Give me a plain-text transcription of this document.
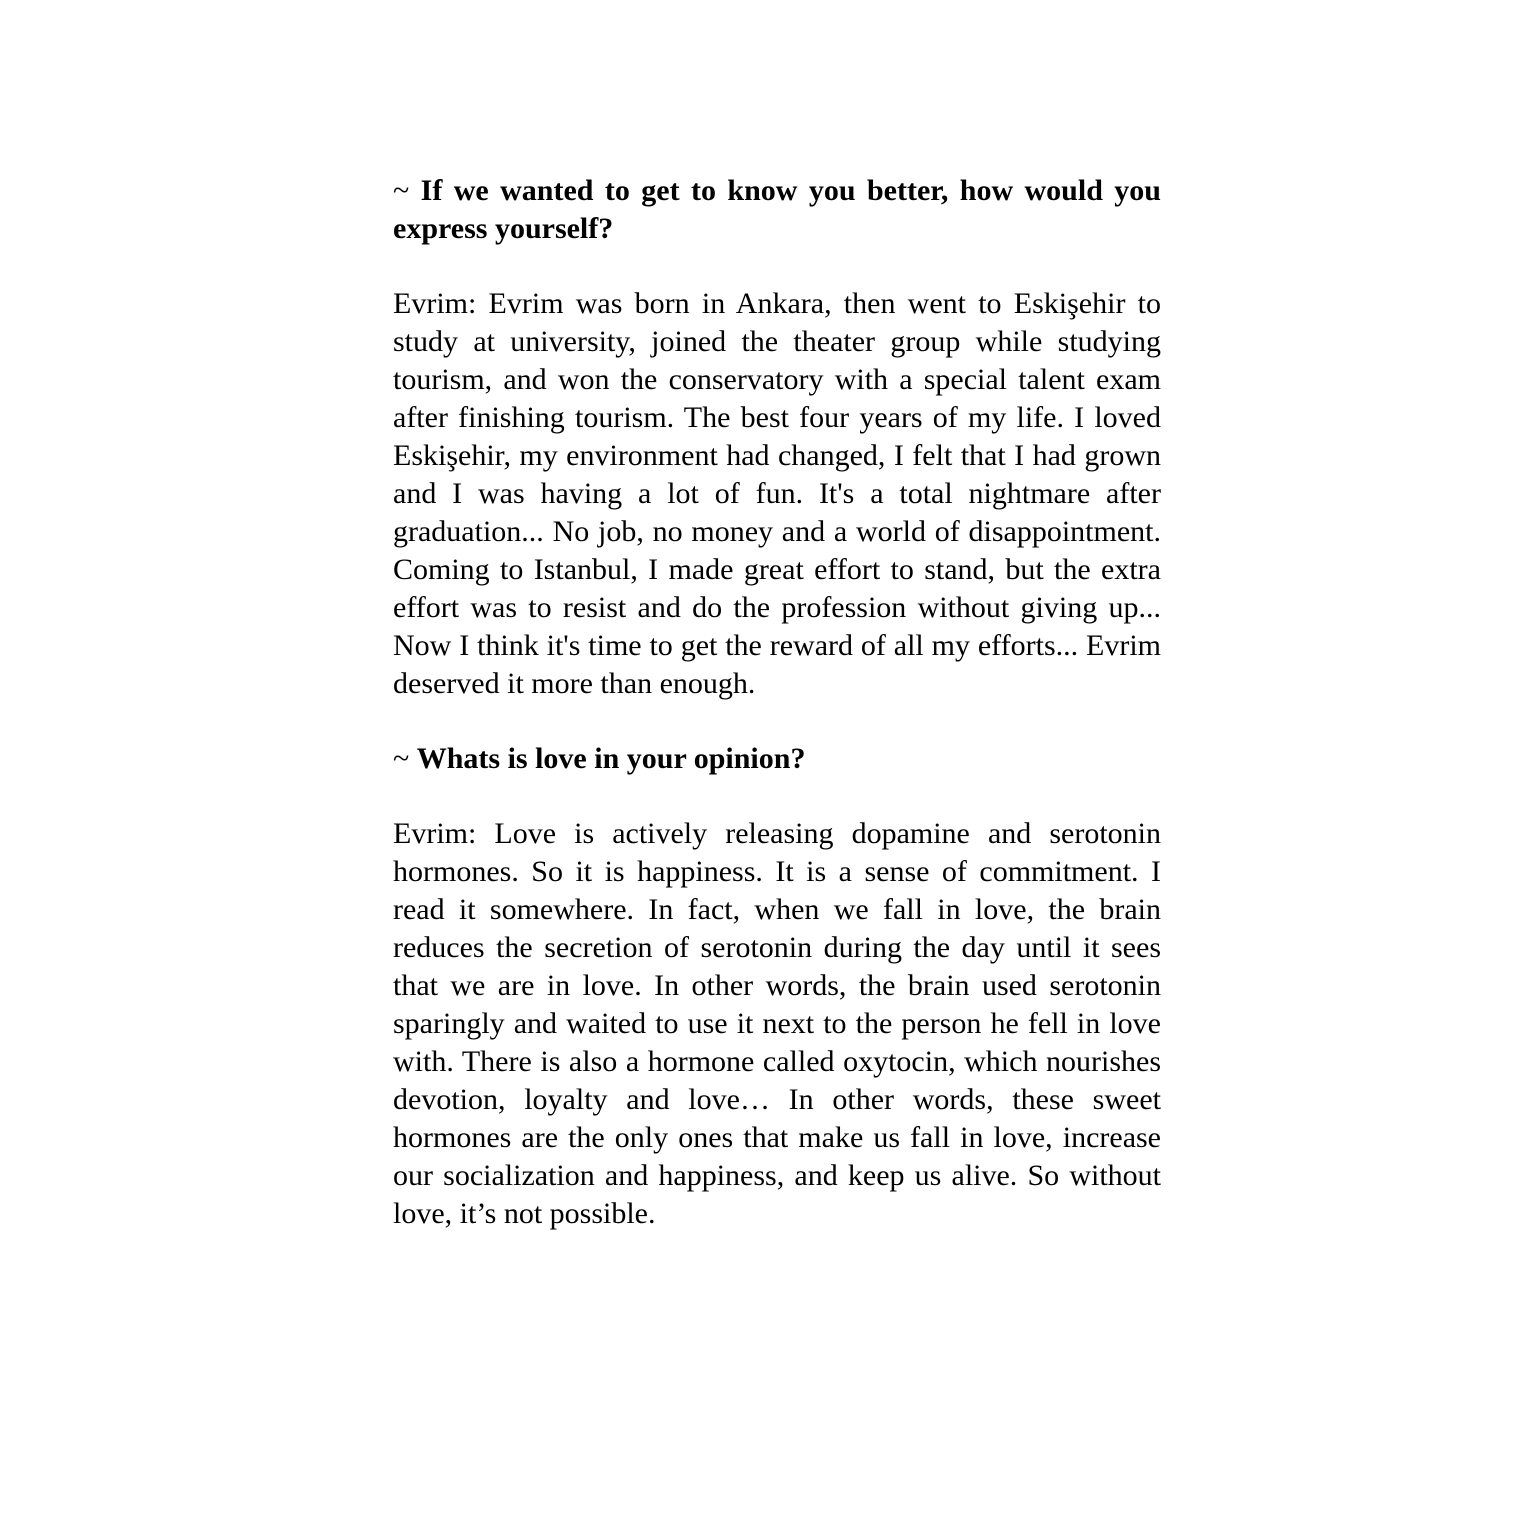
~ If we wanted to get to know you better, how would you express yourself?

Evrim: Evrim was born in Ankara, then went to Eskişehir to study at university, joined the theater group while studying tourism, and won the conservatory with a special talent exam after finishing tourism. The best four years of my life. I loved Eskişehir, my environment had changed, I felt that I had grown and I was having a lot of fun. It's a total nightmare after graduation... No job, no money and a world of disappointment. Coming to Istanbul, I made great effort to stand, but the extra effort was to resist and do the profession without giving up... Now I think it's time to get the reward of all my efforts... Evrim deserved it more than enough.

~ Whats is love in your opinion?

Evrim: Love is actively releasing dopamine and serotonin hormones. So it is happiness. It is a sense of commitment. I read it somewhere. In fact, when we fall in love, the brain reduces the secretion of serotonin during the day until it sees that we are in love. In other words, the brain used serotonin sparingly and waited to use it next to the person he fell in love with. There is also a hormone called oxytocin, which nourishes devotion, loyalty and love… In other words, these sweet hormones are the only ones that make us fall in love, increase our socialization and happiness, and keep us alive. So without love, it’s not possible.
